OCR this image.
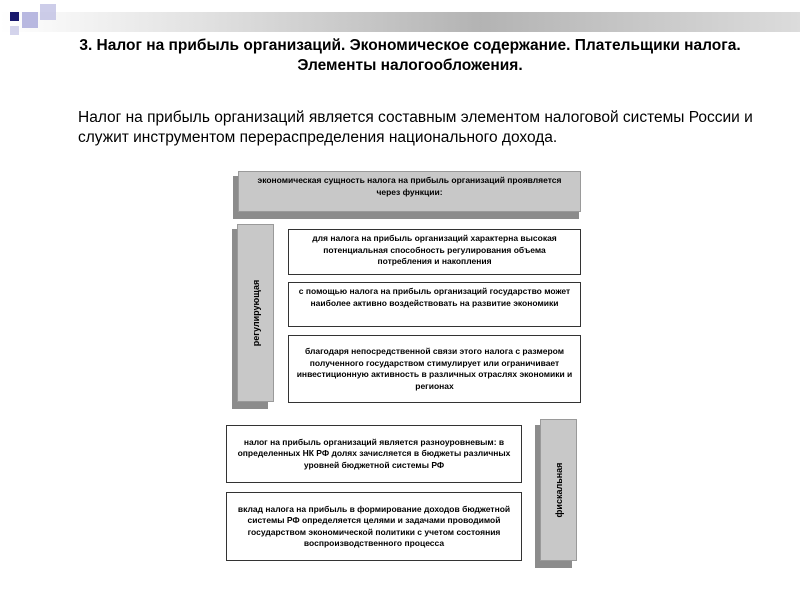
3. Налог на прибыль организаций. Экономическое содержание. Плательщики налога. Элементы налогообложения.
Налог на прибыль организаций является составным элементом налоговой системы России и служит инструментом перераспределения национального дохода.
экономическая сущность налога на прибыль организаций проявляется через функции:
регулирующая
для налога на прибыль организаций характерна высокая потенциальная способность регулирования объема потребления и накопления
с помощью налога на прибыль организаций государство может наиболее активно воздействовать на развитие экономики
благодаря непосредственной связи этого налога с размером полученного государством стимулирует или ограничивает инвестиционную активность в различных отраслях экономики и регионах
налог на прибыль организаций является разноуровневым: в определенных НК РФ долях зачисляется в бюджеты различных уровней бюджетной системы РФ
вклад налога на прибыль в формирование доходов бюджетной системы РФ определяется целями и задачами проводимой государством экономической политики с учетом состояния воспроизводственного процесса
фискальная
